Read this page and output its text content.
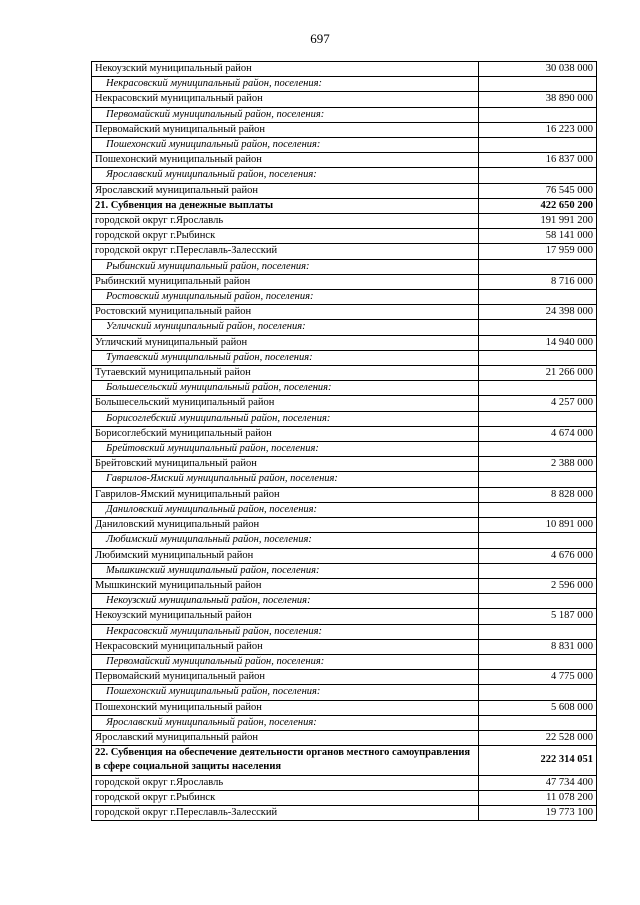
697
Некоузский муниципальный район	30 038 000
Некрасовский муниципальный район, поселения:	
Некрасовский муниципальный район	38 890 000
Первомайский муниципальный район, поселения:	
Первомайский муниципальный район	16 223 000
Пошехонский муниципальный район, поселения:	
Пошехонский муниципальный район	16 837 000
Ярославский муниципальный район, поселения:	
Ярославский муниципальный район	76 545 000
21. Субвенция на денежные выплаты	422 650 200
городской округ г.Ярославль	191 991 200
городской округ г.Рыбинск	58 141 000
городской округ г.Переславль-Залесский	17 959 000
Рыбинский муниципальный район, поселения:	
Рыбинский муниципальный район	8 716 000
Ростовский муниципальный район, поселения:	
Ростовский муниципальный район	24 398 000
Угличский муниципальный район, поселения:	
Угличский муниципальный район	14 940 000
Тутаевский муниципальный район, поселения:	
Тутаевский муниципальный район	21 266 000
Большесельский муниципальный район, поселения:	
Большесельский муниципальный район	4 257 000
Борисоглебский муниципальный район, поселения:	
Борисоглебский муниципальный район	4 674 000
Брейтовский муниципальный район, поселения:	
Брейтовский муниципальный район	2 388 000
Гаврилов-Ямский муниципальный район, поселения:	
Гаврилов-Ямский муниципальный район	8 828 000
Даниловский муниципальный район, поселения:	
Даниловский муниципальный район	10 891 000
Любимский муниципальный район, поселения:	
Любимский муниципальный район	4 676 000
Мышкинский муниципальный район, поселения:	
Мышкинский муниципальный район	2 596 000
Некоузский муниципальный район, поселения:	
Некоузский муниципальный район	5 187 000
Некрасовский муниципальный район, поселения:	
Некрасовский муниципальный район	8 831 000
Первомайский муниципальный район, поселения:	
Первомайский муниципальный район	4 775 000
Пошехонский муниципальный район, поселения:	
Пошехонский муниципальный район	5 608 000
Ярославский муниципальный район, поселения:	
Ярославский муниципальный район	22 528 000
22. Субвенция на обеспечение деятельности органов местного самоуправления в сфере социальной защиты населения	222 314 051
городской округ г.Ярославль	47 734 400
городской округ г.Рыбинск	11 078 200
городской округ г.Переславль-Залесский	19 773 100
